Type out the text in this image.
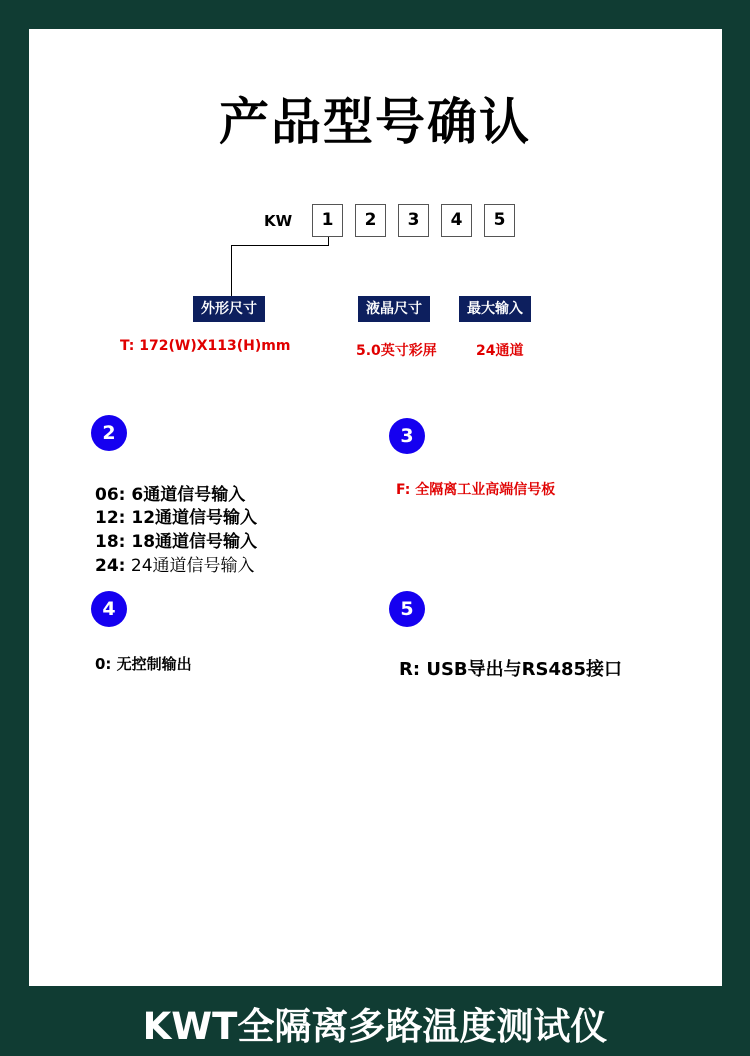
产品型号确认
KW	1	2	3	4	5
外形尺寸	液晶尺寸	最大输入
T: 172(W)X113(H)mm	5.0英寸彩屏	24通道
2
06: 6通道信号输入
12: 12通道信号输入
18: 18通道信号输入
24: 24通道信号输入
3
F: 全隔离工业高端信号板
4
0: 无控制输出
5
R: USB导出与RS485接口
KWT全隔离多路温度测试仪
